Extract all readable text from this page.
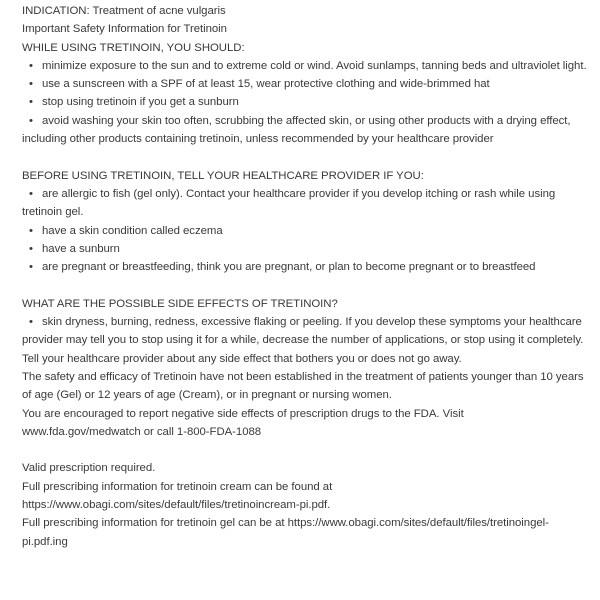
INDICATION: Treatment of acne vulgaris
Important Safety Information for Tretinoin
WHILE USING TRETINOIN, YOU SHOULD:
• minimize exposure to the sun and to extreme cold or wind. Avoid sunlamps, tanning beds and ultraviolet light.
• use a sunscreen with a SPF of at least 15, wear protective clothing and wide-brimmed hat
• stop using tretinoin if you get a sunburn
• avoid washing your skin too often, scrubbing the affected skin, or using other products with a drying effect,
including other products containing tretinoin, unless recommended by your healthcare provider
BEFORE USING TRETINOIN, TELL YOUR HEALTHCARE PROVIDER IF YOU:
• are allergic to fish (gel only). Contact your healthcare provider if you develop itching or rash while using
tretinoin gel.
• have a skin condition called eczema
• have a sunburn
• are pregnant or breastfeeding, think you are pregnant, or plan to become pregnant or to breastfeed
WHAT ARE THE POSSIBLE SIDE EFFECTS OF TRETINOIN?
• skin dryness, burning, redness, excessive flaking or peeling. If you develop these symptoms your healthcare
provider may tell you to stop using it for a while, decrease the number of applications, or stop using it completely.
Tell your healthcare provider about any side effect that bothers you or does not go away.
The safety and efficacy of Tretinoin have not been established in the treatment of patients younger than 10 years
of age (Gel) or 12 years of age (Cream), or in pregnant or nursing women.
You are encouraged to report negative side effects of prescription drugs to the FDA. Visit
www.fda.gov/medwatch or call 1-800-FDA-1088
Valid prescription required.
Full prescribing information for tretinoin cream can be found at
https://www.obagi.com/sites/default/files/tretinoincream-pi.pdf.
Full prescribing information for tretinoin gel can be at https://www.obagi.com/sites/default/files/tretinoingel-
pi.pdf.ing
